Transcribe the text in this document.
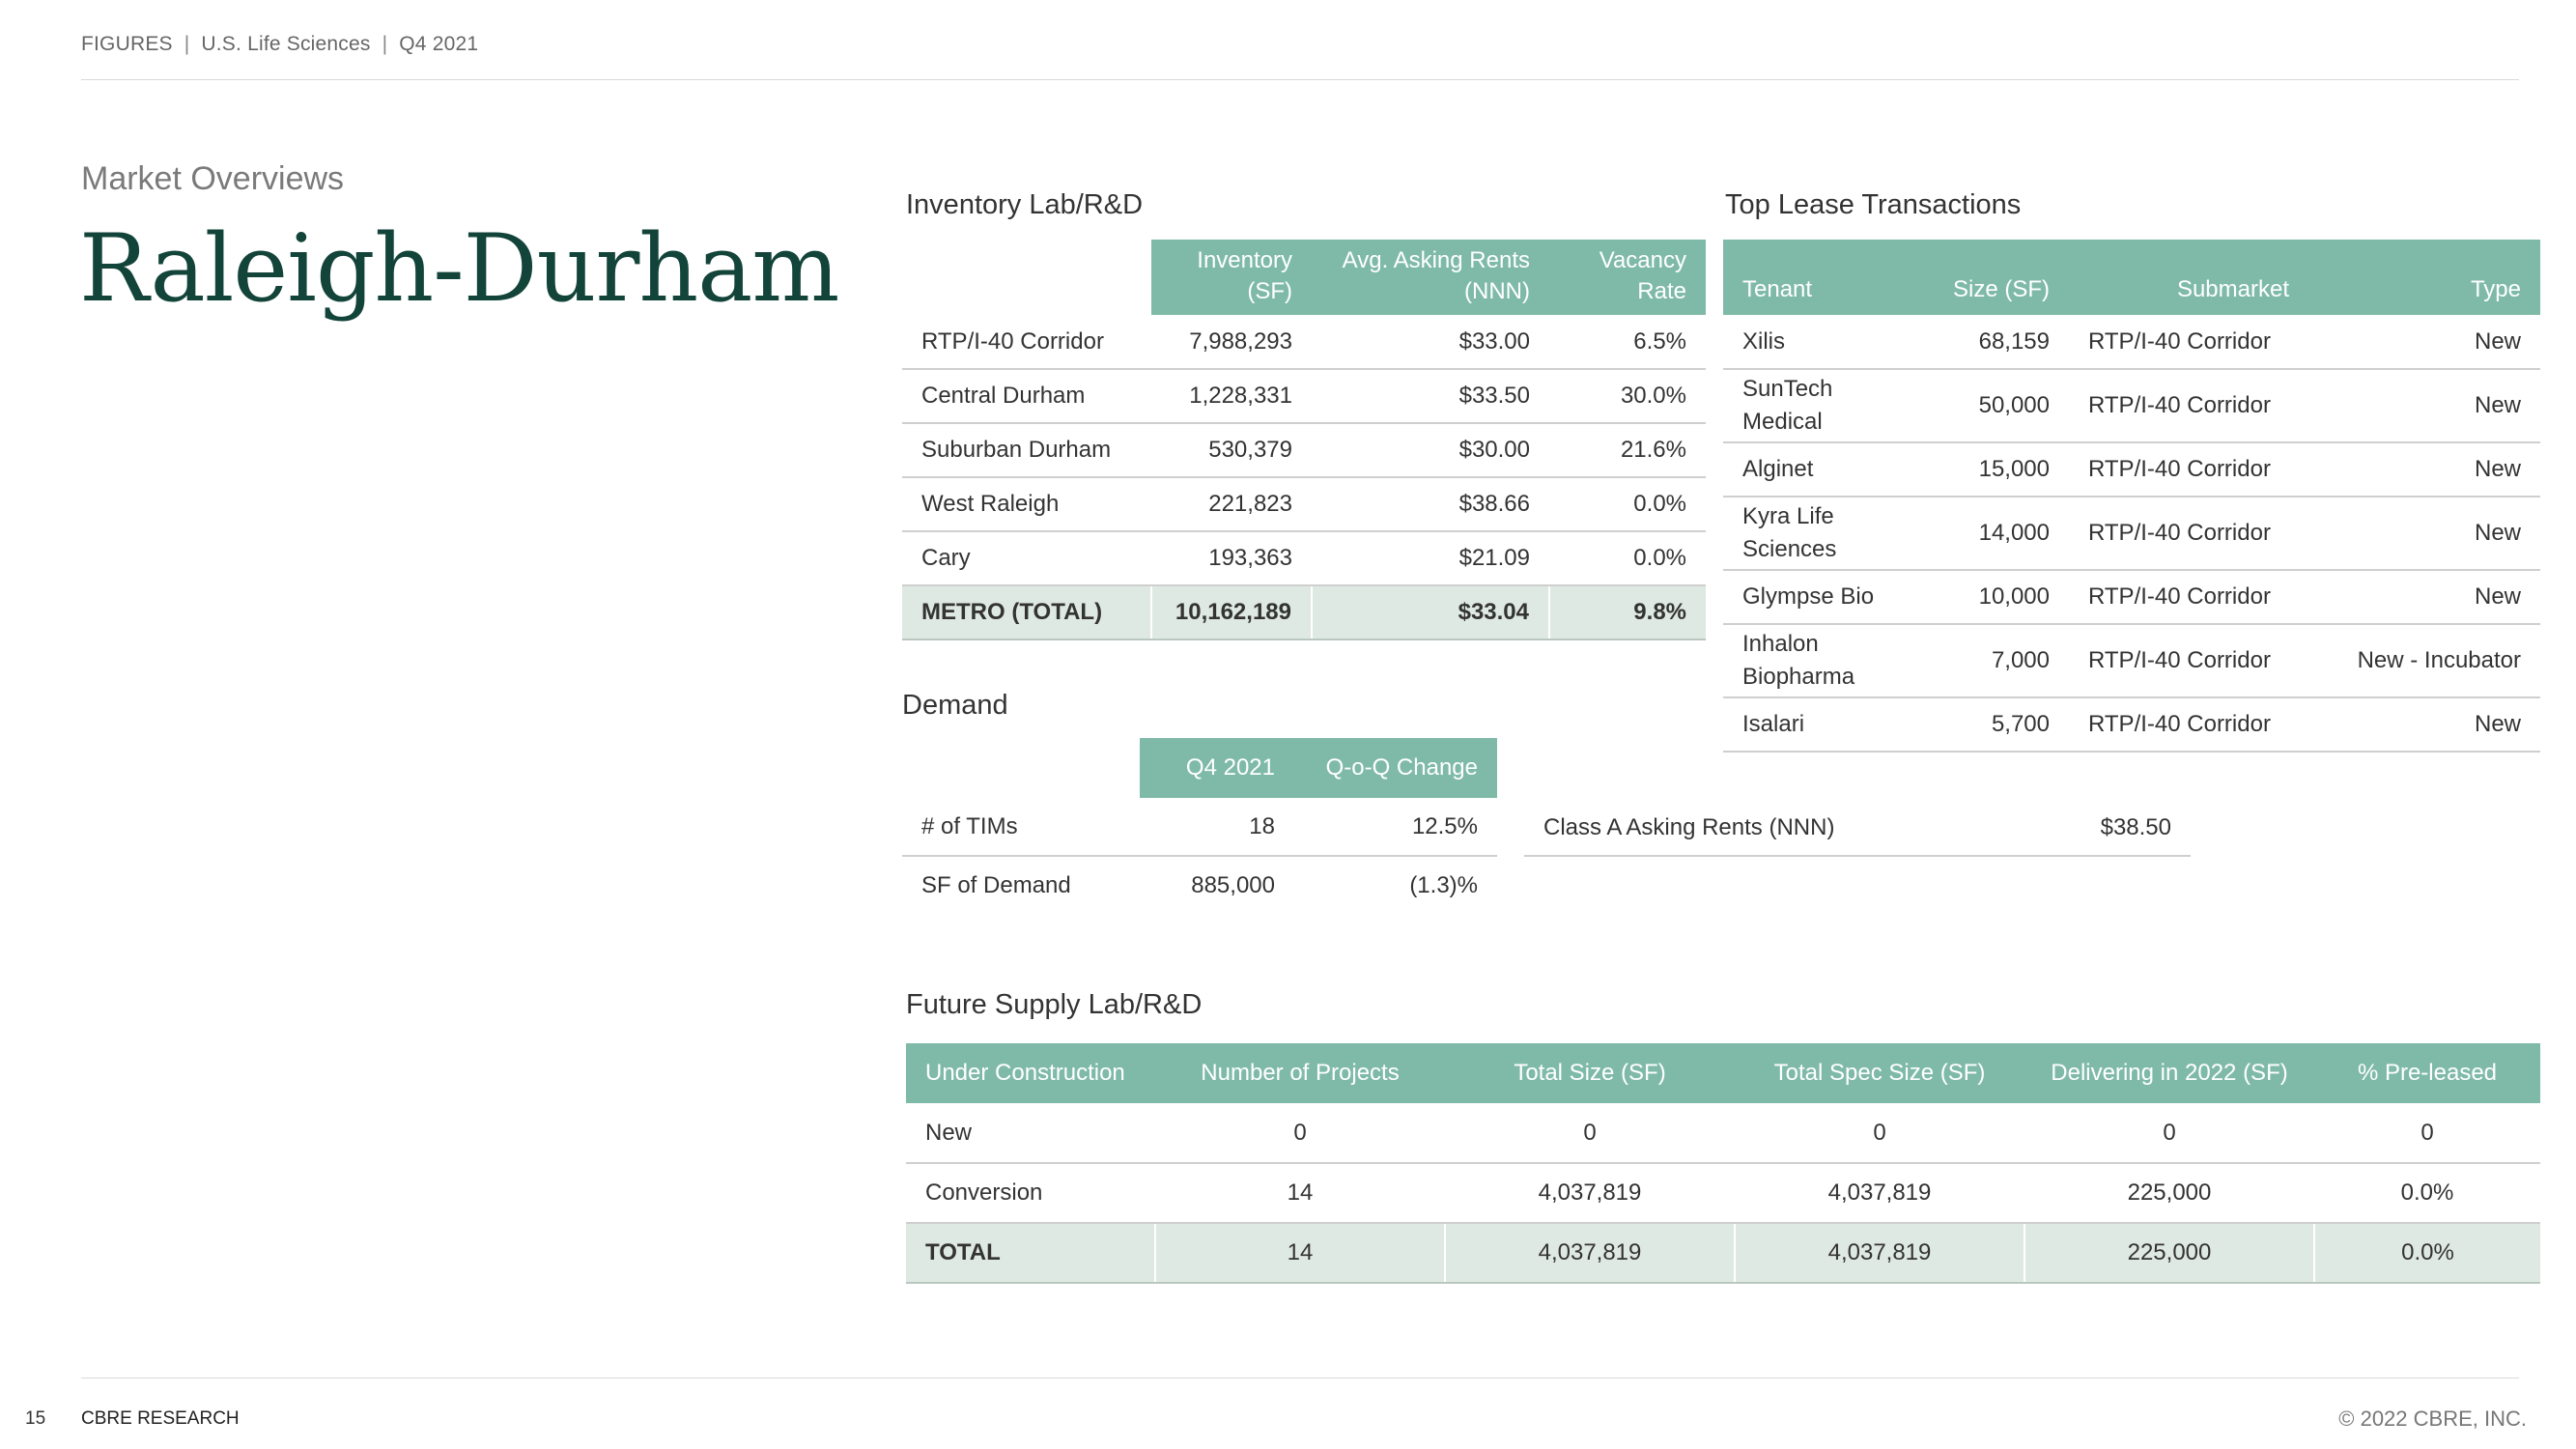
FIGURES | U.S. Life Sciences | Q4 2021
Market Overviews
Raleigh-Durham
Inventory Lab/R&D
	Inventory (SF)	Avg. Asking Rents (NNN)	Vacancy Rate
RTP/I-40 Corridor	7,988,293	$33.00	6.5%
Central Durham	1,228,331	$33.50	30.0%
Suburban Durham	530,379	$30.00	21.6%
West Raleigh	221,823	$38.66	0.0%
Cary	193,363	$21.09	0.0%
METRO (TOTAL)	10,162,189	$33.04	9.8%
Top Lease Transactions
Tenant	Size (SF)	Submarket	Type
Xilis	68,159	RTP/I-40 Corridor	New
SunTech Medical	50,000	RTP/I-40 Corridor	New
Alginet	15,000	RTP/I-40 Corridor	New
Kyra Life Sciences	14,000	RTP/I-40 Corridor	New
Glympse Bio	10,000	RTP/I-40 Corridor	New
Inhalon Biopharma	7,000	RTP/I-40 Corridor	New - Incubator
Isalari	5,700	RTP/I-40 Corridor	New
Demand
	Q4 2021	Q-o-Q Change
# of TIMs	18	12.5%
SF of Demand	885,000	(1.3)%
Class A Asking Rents (NNN)	$38.50
Future Supply Lab/R&D
Under Construction	Number of Projects	Total Size (SF)	Total Spec Size (SF)	Delivering in 2022 (SF)	% Pre-leased
New	0	0	0	0	0
Conversion	14	4,037,819	4,037,819	225,000	0.0%
TOTAL	14	4,037,819	4,037,819	225,000	0.0%
15 CBRE RESEARCH	© 2022 CBRE, INC.
